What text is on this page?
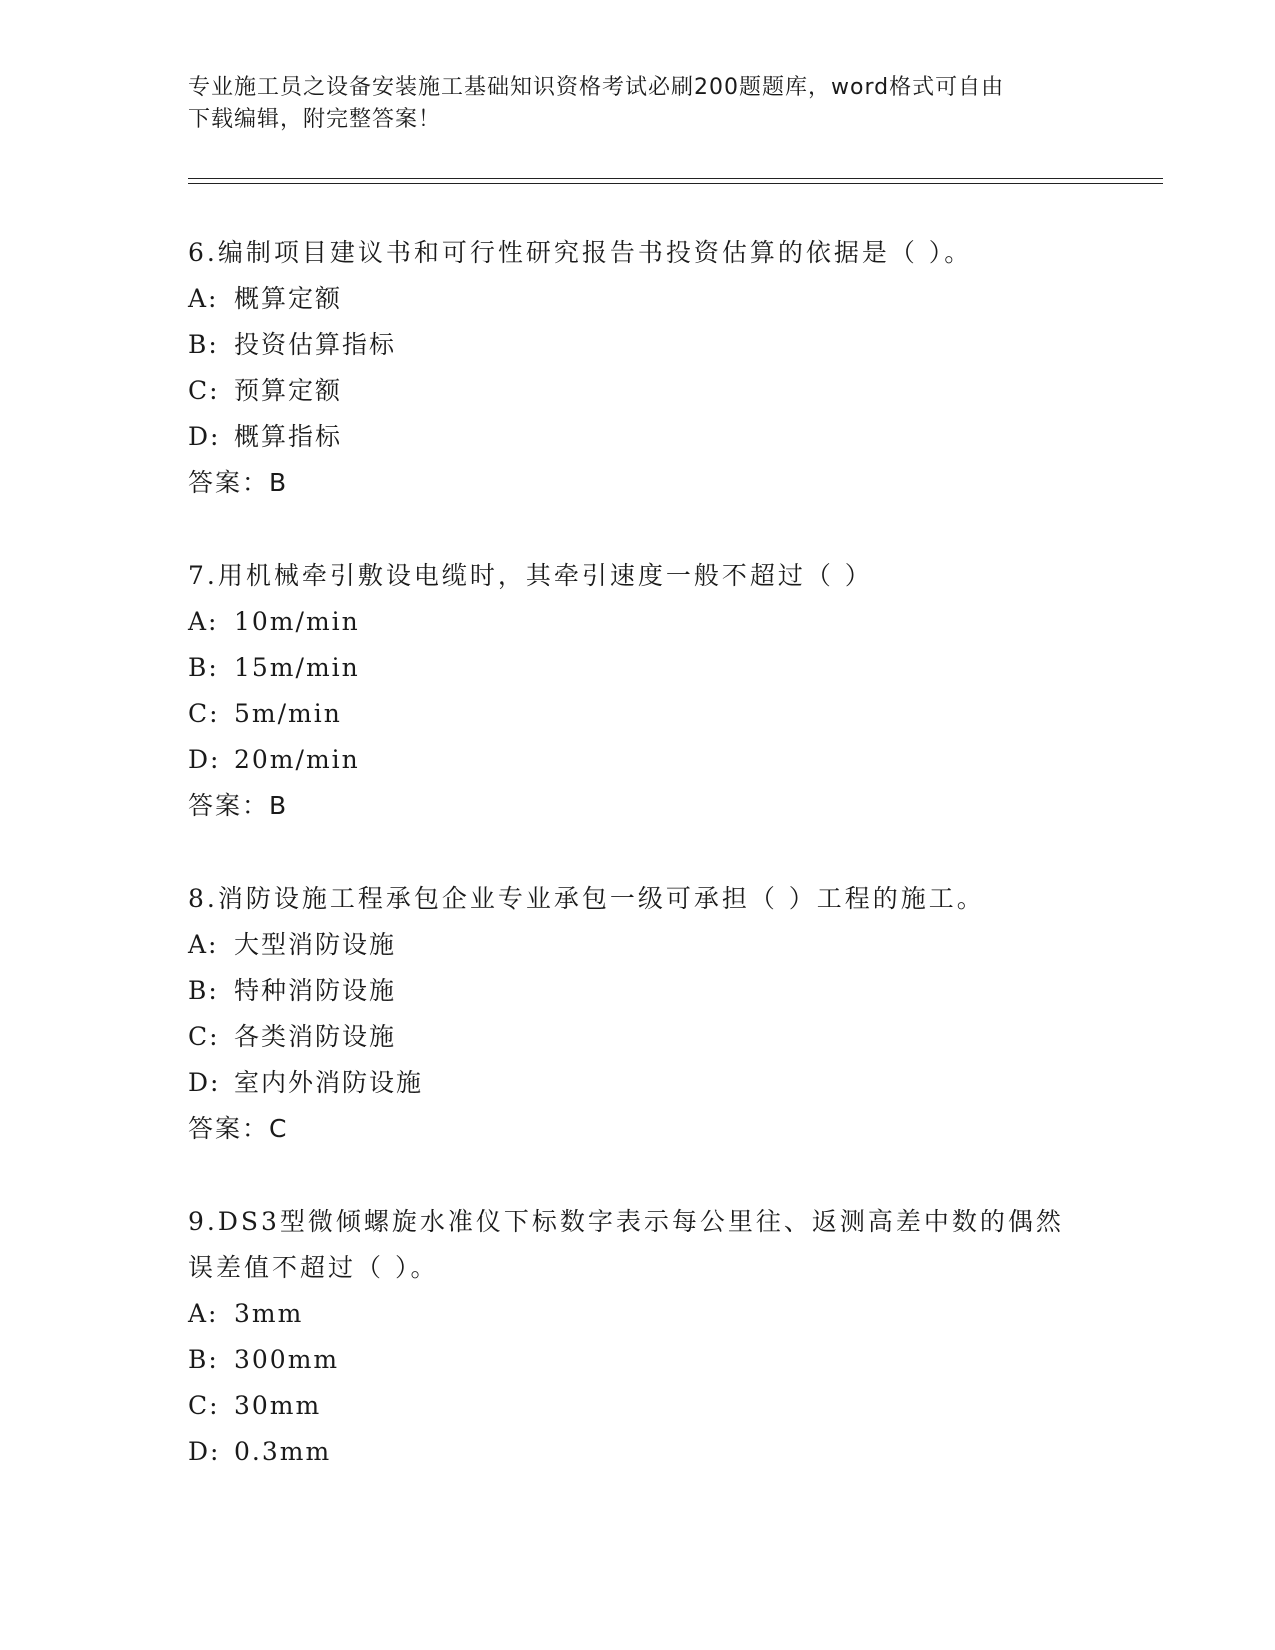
专业施工员之设备安装施工基础知识资格考试必刷200题题库，word格式可自由
下载编辑，附完整答案！

6.编制项目建议书和可行性研究报告书投资估算的依据是（ ）。

A: 概算定额

B: 投资估算指标

C: 预算定额

D: 概算指标

答案：B

7.用机械牵引敷设电缆时，其牵引速度一般不超过（ ）

A: 10m/min

B: 15m/min

C: 5m/min

D: 20m/min

答案：B

8.消防设施工程承包企业专业承包一级可承担（ ）工程的施工。

A: 大型消防设施

B: 特种消防设施

C: 各类消防设施

D: 室内外消防设施

答案：C

9.DS3型微倾螺旋水准仪下标数字表示每公里往、返测高差中数的偶然

误差值不超过（ ）。

A: 3mm

B: 300mm

C: 30mm

D: 0.3mm
